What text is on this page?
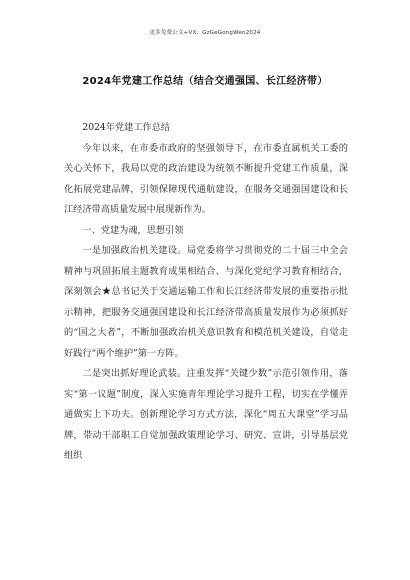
更多免费公文+VX：GzGeGongWen2024
2024年党建工作总结（结合交通强国、长江经济带）

2024年党建工作总结

今年以来，在市委市政府的坚强领导下，在市委直属机关工委的关心关怀下，我局以党的政治建设为统领不断提升党建工作质量，深化拓展党建品牌，引领保障现代通航建设，在服务交通强国建设和长江经济带高质量发展中展现新作为。

一、党建为魂，思想引领

一是加强政治机关建设。局党委将学习贯彻党的二十届三中全会精神与巩固拓展主题教育成果相结合、与深化党纪学习教育相结合，深刻领会★总书记关于交通运输工作和长江经济带发展的重要指示批示精神，把服务交通强国建设和长江经济带高质量发展作为必须抓好的“国之大者”，不断加强政治机关意识教育和模范机关建设，自觉走好践行“两个维护”第一方阵。

二是突出抓好理论武装。注重发挥“关键少数”示范引领作用，落实“第一议题”制度，深入实施青年理论学习提升工程，切实在学懂弄通做实上下功夫。创新理论学习方式方法，深化“周五大课堂”学习品牌，带动干部职工自觉加强政策理论学习、研究、宣讲，引导基层党组织
